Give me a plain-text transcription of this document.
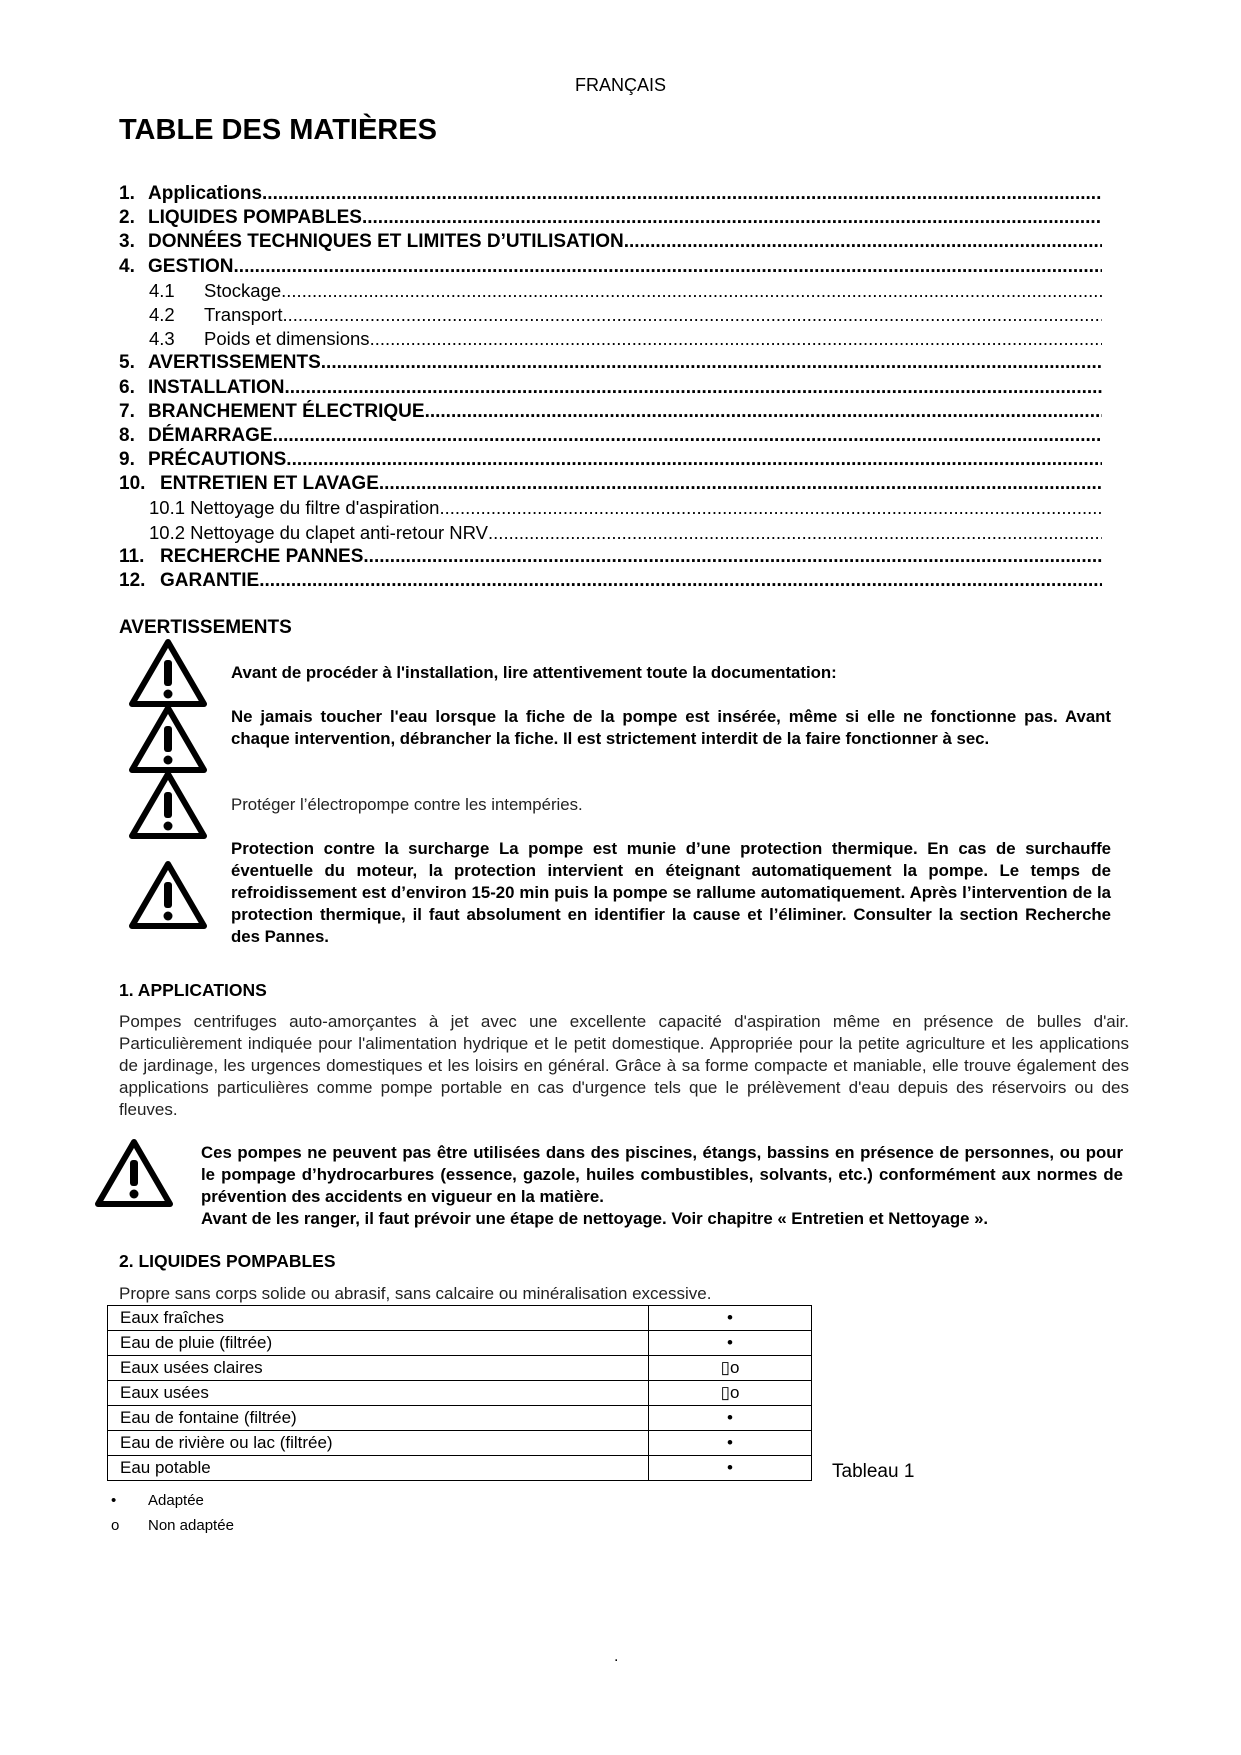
FRANÇAIS
TABLE DES MATIÈRES
1. Applications
.....
2. LIQUIDES POMPABLES
.....
3. DONNÉES TECHNIQUES ET LIMITES D’UTILISATION
.....
4. GESTION
.....
4.1	Stockage
.....
4.2	Transport
.....
4.3	Poids et dimensions
.....
5. AVERTISSEMENTS
.....
6. INSTALLATION
.....
7. BRANCHEMENT ÉLECTRIQUE
.....
8. DÉMARRAGE
.....
9. PRÉCAUTIONS
.....
10. ENTRETIEN ET LAVAGE
.....
10.1 Nettoyage du filtre d'aspiration
.....
10.2 Nettoyage du clapet anti-retour NRV
.....
11. RECHERCHE PANNES
.....
12. GARANTIE
.....
AVERTISSEMENTS
Avant de procéder à l'installation, lire attentivement toute la documentation:
Ne jamais toucher l'eau lorsque la fiche de la pompe est insérée, même si elle ne fonctionne pas. Avant chaque intervention, débrancher la fiche. Il est strictement interdit de la faire fonctionner à sec.
Protéger l’électropompe contre les intempéries.
Protection contre la surcharge La pompe est munie d’une protection thermique. En cas de surchauffe éventuelle du moteur, la protection intervient en éteignant automatiquement la pompe. Le temps de refroidissement est d’environ 15-20 min puis la pompe se rallume automatiquement. Après l’intervention de la protection thermique, il faut absolument en identifier la cause et l’éliminer. Consulter la section Recherche des Pannes.
1. APPLICATIONS
Pompes centrifuges auto-amorçantes à jet avec une excellente capacité d'aspiration même en présence de bulles d'air. Particulièrement indiquée pour l'alimentation hydrique et le petit domestique. Appropriée pour la petite agriculture et les applications de jardinage, les urgences domestiques et les loisirs en général. Grâce à sa forme compacte et maniable, elle trouve également des applications particulières comme pompe portable en cas d'urgence tels que le prélèvement d'eau depuis des réservoirs ou des fleuves.
Ces pompes ne peuvent pas être utilisées dans des piscines, étangs, bassins en présence de personnes, ou pour le pompage d’hydrocarbures (essence, gazole, huiles combustibles, solvants, etc.) conformément aux normes de prévention des accidents en vigueur en la matière.
Avant de les ranger, il faut prévoir une étape de nettoyage. Voir chapitre « Entretien et Nettoyage ».
2. LIQUIDES POMPABLES
Propre sans corps solide ou abrasif, sans calcaire ou minéralisation excessive.
Eaux fraîches	•
Eau de pluie (filtrée)	•
Eaux usées claires	▯o
Eaux usées	▯o
Eau de fontaine (filtrée)	•
Eau de rivière ou lac (filtrée)	•
Eau potable	•	Tableau 1
• Adaptée
o Non adaptée
.
